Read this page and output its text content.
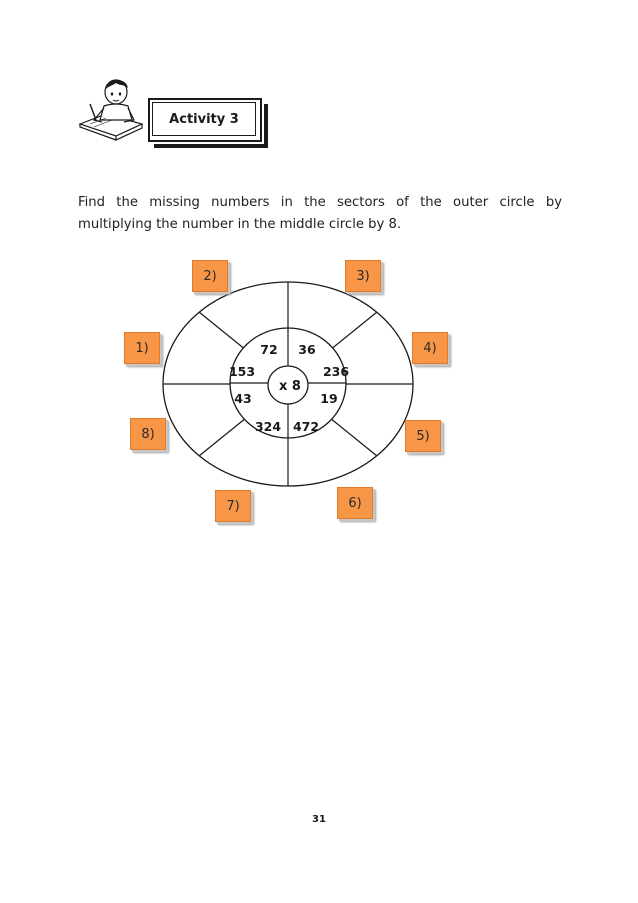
Activity 3
Find the missing numbers in the sectors of the outer circle by multiplying the number in the middle circle by 8.
x 8
72 36
236
19
472
324
43
153
1)
2)	3)
4)
5)
6)
7)
8)
31
